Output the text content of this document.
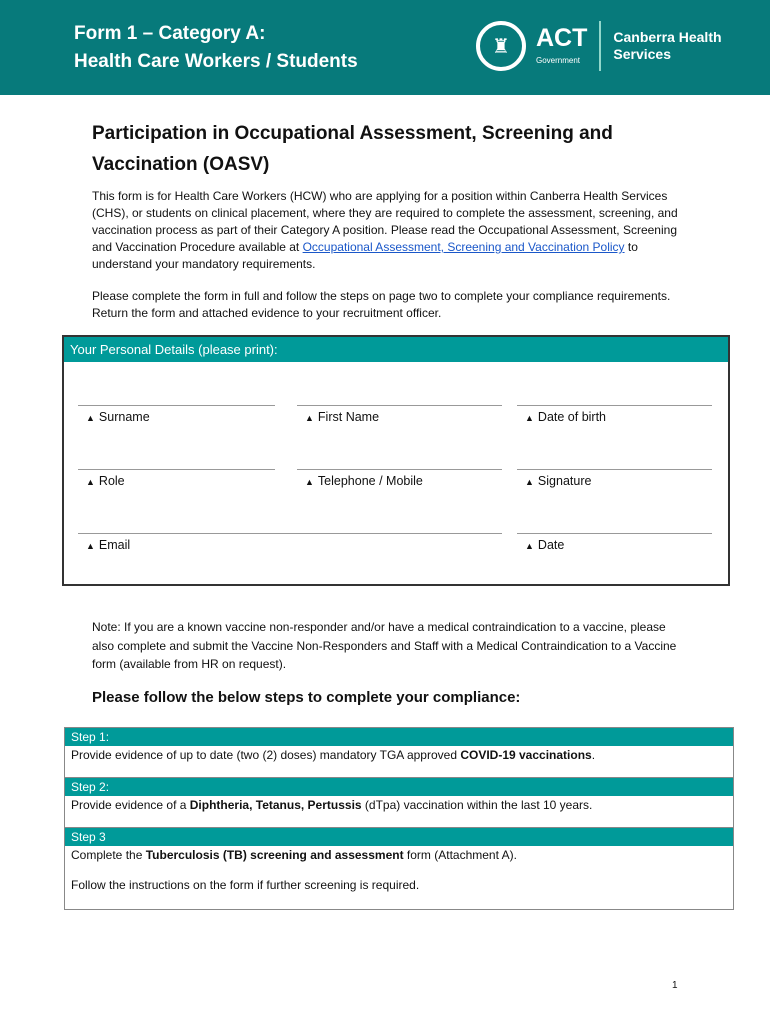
Form 1 – Category A:
Health Care Workers / Students
♜	ACT
Government
Canberra Health
Services
Participation in Occupational Assessment, Screening and Vaccination (OASV)
This form is for Health Care Workers (HCW) who are applying for a position within Canberra Health Services (CHS), or students on clinical placement, where they are required to complete the assessment, screening, and vaccination process as part of their Category A position. Please read the Occupational Assessment, Screening and Vaccination Procedure available at Occupational Assessment, Screening and Vaccination Policy to understand your mandatory requirements.
Please complete the form in full and follow the steps on page two to complete your compliance requirements. Return the form and attached evidence to your recruitment officer.
Your Personal Details (please print):
▲ Surname	▲ First Name	▲ Date of birth
▲ Role	▲ Telephone / Mobile	▲ Signature
▲ Email	▲ Date
Note: If you are a known vaccine non-responder and/or have a medical contraindication to a vaccine, please also complete and submit the Vaccine Non-Responders and Staff with a Medical Contraindication to a Vaccine form (available from HR on request).
Please follow the below steps to complete your compliance:
Step 1:
Provide evidence of up to date (two (2) doses) mandatory TGA approved COVID-19 vaccinations.
Step 2:
Provide evidence of a Diphtheria, Tetanus, Pertussis (dTpa) vaccination within the last 10 years.
Step 3
Complete the Tuberculosis (TB) screening and assessment form (Attachment A).
Follow the instructions on the form if further screening is required.
1
